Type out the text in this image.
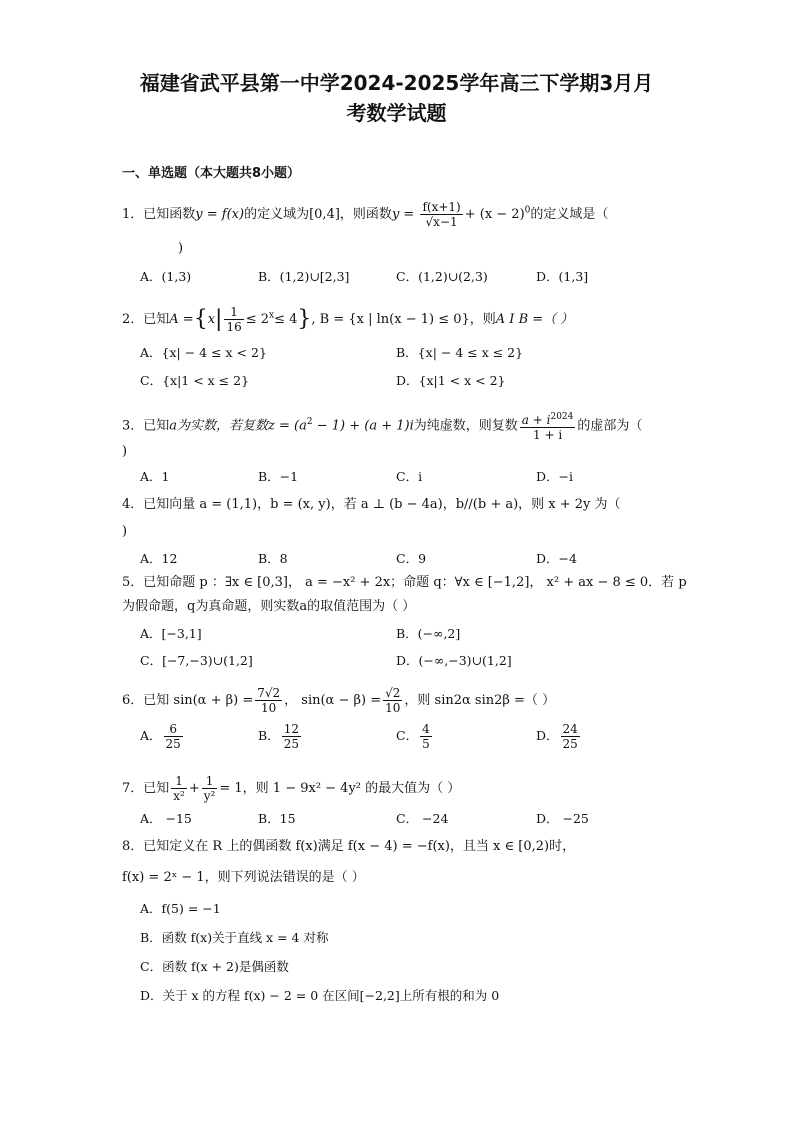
福建省武平县第一中学2024-2025学年高三下学期3月月
考数学试题
一、单选题（本大题共8小题）
1．已知函数y = f(x)的定义域为[0,4]，则函数$y = \frac{f(x+1)}{√x-1} + (x - 2)^0$的定义域是（
)
A．(1,3)	B．(1,2)∪[2,3]	C．(1,2)∪(2,3)	D．(1,3]
2．已知$A =\{x| \frac{1}{16} \le 2^x\le 4\}$, B = {x | ln(x − 1) ≤ 0}，则A I B =（ ）
A．{x| − 4 ≤ x < 2}	B．{x| − 4 ≤ x ≤ 2}
C．{x|1 < x ≤ 2}	D．{x|1 < x < 2}
3．已知a为实数，若复数$z = (a^2 - 1) + (a + 1)i$为纯虚数，则复数 $\frac{a + i^{2024}}{1 + i}$ 的虚部为（
)
A．1	B．−1	C．i	D．−i
4．已知向量 a = (1,1)，b = (x, y)，若 a ⊥ (b − 4a)，b//(b + a)，则 x + 2y 为（
)
A．12	B．8	C．9	D．−4
5．已知命题 p ：∃x ∈ [0,3]， a = −x² + 2x；命题 q：∀x ∈ [−1,2]， x² + ax − 8 ≤ 0．若 p
为假命题，q为真命题，则实数a的取值范围为（ ）
A．[−3,1]	B．(−∞,2]
C．[−7,−3)∪(1,2]	D．(−∞,−3)∪(1,2]
6．已知 $\sin(\alpha + \beta) = \frac{7√2}{10}$ ， $\sin(\alpha - \beta) = \frac{√2}{10}$ ，则 sin2α sin2β =（ ）
A． $\frac{6}{25}$	B． $\frac{12}{25}$	C． $\frac{4}{5}$	D． $\frac{24}{25}$
7．已知 $\frac{1}{\text{x²}} + \frac{1}{\text{y²}} = 1$，则 1 − 9x² − 4y² 的最大值为（ ）
A． −15	B．15	C． −24	D． −25
8．已知定义在 R 上的偶函数 f(x)满足 f(x − 4) = −f(x)，且当 x ∈ [0,2)时，
f(x) = 2ˣ − 1，则下列说法错误的是（ ）
A．f(5) = −1
B．函数 f(x)关于直线 x = 4 对称
C．函数 f(x + 2)是偶函数
D．关于 x 的方程 f(x) − 2 = 0 在区间[−2,2]上所有根的和为 0
